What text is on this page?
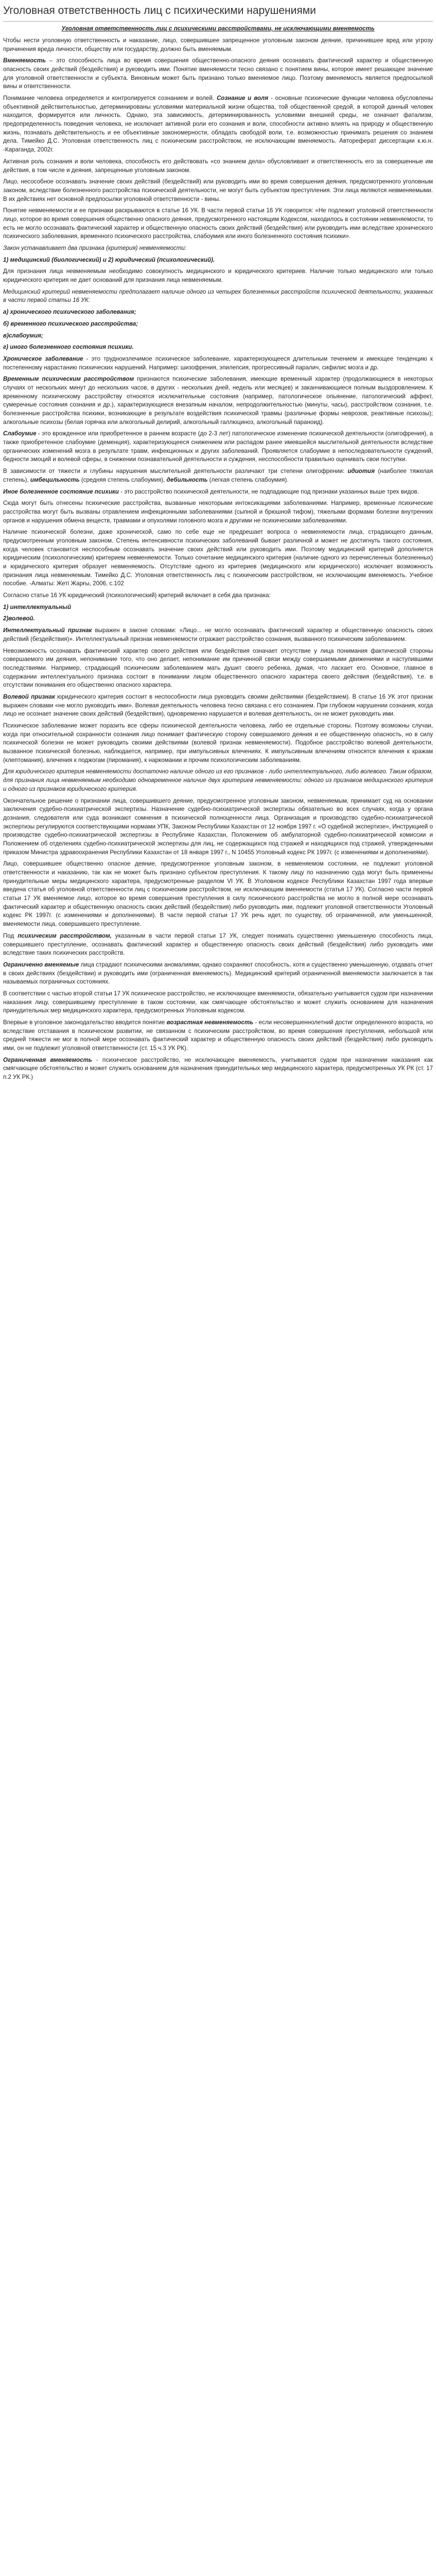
Уголовная ответственность лиц с психическими нарушениями
Уголовная ответственность лиц с психическими расстройствами, не исключающими вменяемость

Чтобы нести уголовную ответственность и наказание, лицо, совершившее запрещенное уголовным законом деяние, причинившее вред или угрозу причинения вреда личности, обществу или государству, должно быть вменяемым.

Вменяемость – это способность лица во время совершения общественно-опасного деяния осознавать фактический характер и общественную опасность своих действий (бездействия) и руководить ими. Понятие вменяемости тесно связано с понятием вины, которое имеет решающее значение для уголовной ответственности и субъекта. Виновным может быть признано только вменяемое лицо. Поэтому вменяемость является предпосылкой вины и ответственности.

Понимание человека определяется и контролируется сознанием и волей. Сознание и воля - основные психические функции человека обусловлены объективной действительностью, детерминированы условиями материальной жизни общества, той общественной средой, в которой данный человек находится, формируется или личность. Однако, эта зависимость, детерминированность условиями внешней среды, не означает фатализм, предопределенность поведения человека, не исключает активной роли его сознания и воли, способности активно влиять на природу и общественную жизнь, познавать действительность и ее объективные закономерности, обладать свободой воли, т.е. возможностью принимать решения со знанием дела. Тимейко Д.С. Уголовная ответственность лиц с психическим расстройством, не исключающим вменяемость. Автореферат диссертации к.ю.н. -Караганда, 2002г.

Активная роль сознания и воли человека, способность его действовать «со знанием дела» обусловливает и ответственность его за совершенные им действия, в том числе и деяния, запрещенные уголовным законом.

Лицо, несособное осознавать значение своих действий (бездействий) или руководить ими во время совершения деяния, предусмотренного уголовным законом, вследствие болезненного расстройства психической деятельности, не могут быть субъектом преступления. Эти лица являются невменяемыми. В их действиях нет основной предпосылки уголовной ответственности - вины.

Понятие невменяемости и ее признаки раскрываются в статье 16 УК. В части первой статьи 16 УК говорится: «Не подлежит уголовной ответственности лицо, которое во время совершения общественно опасного деяния, предусмотренного настоящим Кодексом, находилось в состоянии невменяемости, то есть не могло осознавать фактический характер и общественную опасность своих действий (бездействия) или руководить ими вследствие хронического психического заболевания, временного психического расстройства, слабоумия или иного болезненного состояния психики».

Закон устанавливает два признака (критерия) невменяемости:

1) медицинский (биологический) и 2) юридический (психологический).

Для признания лица невменяемым необходимо совокупность медицинского и юридического критериев. Наличие только медицинского или только юридического критерия не дает оснований для признания лица невменяемым.

Медицинский критерий невменяемости предполагает наличие одного из четырех болезненных расстройств психической деятельности, указанных в части первой статьи 16 УК:

а) хронического психического заболевания;

б) временного психического расстройства;

в)слабоумия;

г) иного болезненного состояния психики.

Хроническое заболевание - это трудноизлечимое психическое заболевание, характеризующееся длительным течением и имеющее тенденцию к постепенному нарастанию психических нарушений. Например: шизофрения, эпилепсия, прогрессивный паралич, сифилис мозга и др.

Временным психическим расстройством признаются психические заболевания, имеющие временный характер (продолжающиеся в некоторых случаях от нескольких минут до нескольких часов, в других - нескольких дней, недель или месяцев) и заканчивающиеся полным выздоровлением. К временному психическому расстройству относятся исключительные состояния (например, патологическое опьянение, патологический аффект, сумеречные состояния сознания и др.), характеризующиеся внезапным началом, непродолжительностью (минуты, часы), расстройством сознания, т.е. болезненные расстройства психики, возникающие в результате воздействия психической травмы (различные формы неврозов, реактивные психозы); алкогольные психозы (белая горячка или алкогольный делирий, алкогольный галлюциноз, алкогольный параноид).

Слабоумие - это врожденное или приобретенное в раннем возрасте (до 2-3 лет) патологическое изменение психической деятельности (олигофрения), а также приобретенное слабоумие (деменция), характеризующееся снижением или распадом ранее имевшейся мыслительной деятельности вследствие органических изменений мозга в результате травм, инфекционных и других заболеваний. Проявляется слабоумие в непоследовательности суждений, бедности эмоций и волевой сферы, в снижении познавательной деятельности и суждения, несспособности правильно оценивать свои поступки.

В зависимости от тяжести и глубины нарушения мыслительной деятельности различают три степени олигофрении: идиотия (наиболее тяжелая степень), имбецильность (средняя степень слабоумия), дебильность (легкая степень слабоумия).

Иное болезненное состояние психики - это расстройство психической деятельности, не подпадающие под признаки указанных выше трех видов.

Сюда могут быть отнесены психические расстройства, вызванные некоторыми интоксикациями заболеваниями. Например, временные психические расстройства могут быть вызваны отравлением инфекционными заболеваниями (сыпной и брюшной тифом), тяжелыми формами болезни внутренних органов и нарушения обмена веществ, травмами и опухолями головного мозга и другими не психическими заболеваниями.

Наличие психической болезни, даже хронической, само по себе еще не предрешает вопроса о невменяемости лица, страдающего данным, предусмотренным уголовным законом. Степень интенсивности психических заболеваний бывает различной и может не достигнуть такого состояния, когда человек становится неспособным осознавать значение своих действий или руководить ими. Поэтому медицинский критерий дополняется юридическим (психологическим) критерием невменяемости. Только сочетание медицинского критерия (наличие одного из перечисленных болезненных) и юридического критерия образует невменяемость. Отсутствие одного из критериев (медицинского или юридического) исключает возможность признания лица невменяемым. Тимейко Д.С. Уголовная ответственность лиц с психическим расстройством, не исключающим вменяемость. Учебное пособие. -Алматы: Жеті Жарғы, 2006, с.102

Согласно статье 16 УК юридический (психологический) критерий включает в себя два признака:

1) интеллектуальный

2)волевой.

Интеллектуальный признак выражен в законе словами: «Лицо... не могло осознавать фактический характер и общественную опасность своих действий (бездействия)». Интеллектуальный признак невменяемости отражает расстройство сознания, вызванного психическим заболеванием.

Невозможность осознавать фактический характер своего действия или бездействия означает отсутствие у лица понимания фактической стороны совершаемого им деяния, непонимание того, что оно делает, непонимание им причинной связи между совершаемыми движениями и наступившими последствиями. Например, страдающий психическим заболеванием мать душит своего ребенка, думая, что ласкает его. Основное, главное в содержании интеллектуального признака состоит в понимании лицом общественного опасного характера своего действия (бездействия), т.е. в отсутствии понимания его общественно опасного характера.

Волевой признак юридического критерия состоит в неспособности лица руководить своими действиями (бездействием). В статье 16 УК этот признак выражен словами «не могло руководить ими». Волевая деятельность человека тесно связана с его сознанием. При глубоком нарушении сознания, когда лицо не осознает значение своих действий (бездействия), одновременно нарушается и волевая деятельность, он не может руководить ими.

Психическое заболевание может поразить все сферы психической деятельности человека, либо ее отдельные стороны. Поэтому возможны случаи, когда при относительной сохранности сознания лицо понимает фактическую сторону совершаемого деяния и ее общественную опасность, но в силу психической болезни не может руководить своими действиями (волевой признак невменяемости). Подобное расстройство волевой деятельности, вызванное психической болезнью, наблюдается, например, при импульсивных влечениях. К импульсивным влечениям относятся влечения к кражам (клептомания), влечения к поджогам (пиромания), к наркомании и прочим психологическим заболеваниям.

Для юридического критерия невменяемости достаточно наличие одного из его признаков - либо интеллектуального, либо волевого. Таким образом, для признания лица невменяемым необходимо одновременное наличие двух критериев невменяемости: одного из признаков медицинского критерия и одного из признаков юридического критерия.

Окончательное решение о признании лица, совершившего деяние, предусмотренное уголовным законом, невменяемым, принимает суд на основании заключения судебно-психиатрической экспертизы. Назначение судебно-психиатрической экспертизы обязательно во всех случаях, когда у органа дознания, следователя или суда возникают сомнения в психической полноценности лица. Организация и производство судебно-психиатрической экспертизы регулируются соответствующими нормами УПК, Законом Республики Казахстан от 12 ноября 1997 г. «О судебной экспертизе», Инструкцией о производстве судебно-психиатрической экспертизы в Республике Казахстан, Положением об амбулаторной судебно-психиатрической комиссии и Положением об отделениях судебно-психиатрической экспертизы для лиц, не содержащихся под стражей и находящихся под стражей, утвержденными приказом Министра здравоохранения Республики Казахстан от 18 января 1997 г., N 10455 Уголовный кодекс РК 1997г. (с изменениями и дополнениями).

Лицо, совершившее общественно опасное деяние, предусмотренное уголовным законом, в невменяемом состоянии, не подлежит уголовной ответственности и наказанию, так как не может быть признано субъектом преступления. К такому лицу по назначению суда могут быть применены принудительные меры медицинского характера, предусмотренные разделом VI УК. В Уголовном кодексе Республики Казахстан 1997 года впервые введена статья об уголовной ответственности лиц с психическим расстройством, не исключающим вменяемости (статья 17 УК). Согласно части первой статьи 17 УК вменяемое лицо, которое во время совершения преступления в силу психического расстройства не могло в полной мере осознавать фактический характер и общественную опасность своих действий (бездействия) либо руководить ими, подлежит уголовной ответственности Уголовный кодекс РК 1997г. (с изменениями и дополнениями). В части первой статьи 17 УК речь идет, по существу, об ограниченной, или уменьшенной, вменяемости лица, совершившего преступление.

Под психическим расстройством, указанным в части первой статьи 17 УК, следует понимать существенно уменьшенную способность лица, совершившего преступление, осознавать фактический характер и общественную опасность своих действий (бездействия) либо руководить ими вследствие таких психических расстройств.

Ограниченно вменяемые лица страдают психическими аномалиями, однако сохраняют способность, хотя и существенно уменьшенную, отдавать отчет в своих действиях (бездействии) и руководить ими (ограниченная вменяемость). Медицинский критерий ограниченной вменяемости заключается в так называемых пограничных состояниях.

В соответствии с частью второй статьи 17 УК психическое расстройство, не исключающее вменяемости, обязательно учитывается судом при назначении наказания лицу, совершившему преступление в таком состоянии, как смягчающее обстоятельство и может служить основанием для назначения принудительных мер медицинского характера, предусмотренных Уголовным кодексом.

Впервые в уголовное законодательство вводится понятие возрастная невменяемость - если несовершеннолетний достиг определенного возраста, но вследствие отставания в психическом развитии, не связанном с психическим расстройством, во время совершения преступления, небольшой или средней тяжести не мог в полной мере осознавать фактический характер и общественную опасность своих действий (бездействия) либо руководить ими, он не подлежит уголовной ответственности (ст. 15 ч.3 УК РК).

Ограниченная вменяемость - психическое расстройство, не исключающее вменяемость, учитывается судом при назначении наказания как смягчающее обстоятельство и может служить основанием для назначения принудительных мер медицинского характера, предусмотренных УК РК (ст. 17 п.2 УК РК.)
